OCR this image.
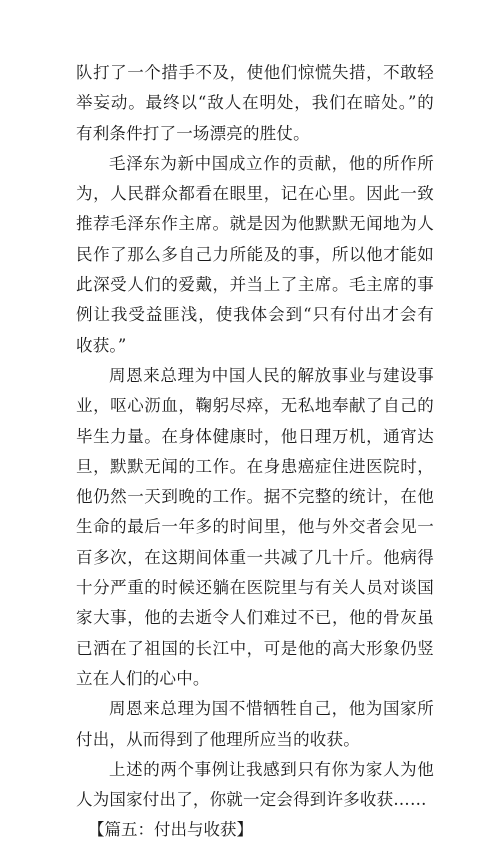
队打了一个措手不及，使他们惊慌失措，不敢轻举妄动。最终以“敌人在明处，我们在暗处。”的有利条件打了一场漂亮的胜仗。

毛泽东为新中国成立作的贡献，他的所作所为，人民群众都看在眼里，记在心里。因此一致推荐毛泽东作主席。就是因为他默默无闻地为人民作了那么多自己力所能及的事，所以他才能如此深受人们的爱戴，并当上了主席。毛主席的事例让我受益匪浅，使我体会到“只有付出才会有收获。”

周恩来总理为中国人民的解放事业与建设事业，呕心沥血，鞠躬尽瘁，无私地奉献了自己的毕生力量。在身体健康时，他日理万机，通宵达旦，默默无闻的工作。在身患癌症住进医院时，他仍然一天到晚的工作。据不完整的统计，在他生命的最后一年多的时间里，他与外交者会见一百多次，在这期间体重一共减了几十斤。他病得十分严重的时候还躺在医院里与有关人员对谈国家大事，他的去逝令人们难过不已，他的骨灰虽已洒在了祖国的长江中，可是他的高大形象仍竖立在人们的心中。

周恩来总理为国不惜牺牲自己，他为国家所付出，从而得到了他理所应当的收获。

上述的两个事例让我感到只有你为家人为他人为国家付出了，你就一定会得到许多收获……

【篇五：付出与收获】
